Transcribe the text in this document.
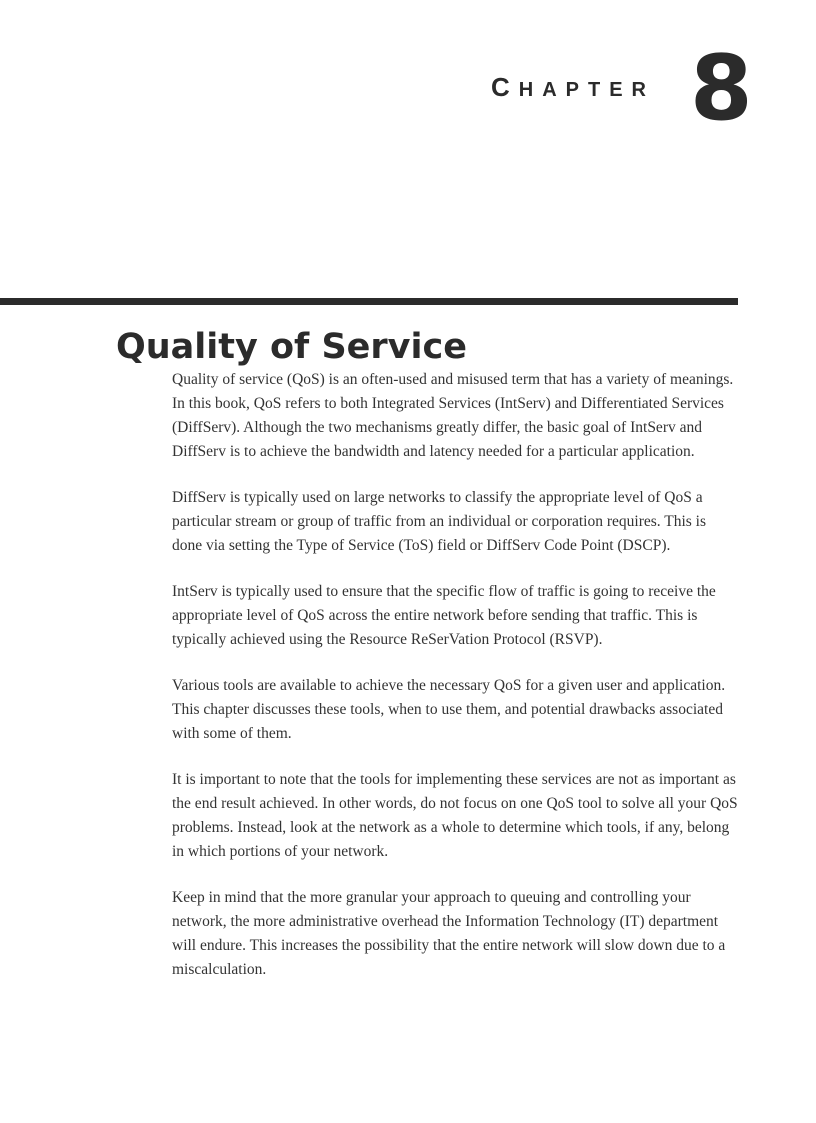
CHAPTER 8
Quality of Service

Quality of service (QoS) is an often-used and misused term that has a variety of meanings. In this book, QoS refers to both Integrated Services (IntServ) and Differentiated Services (DiffServ). Although the two mechanisms greatly differ, the basic goal of IntServ and DiffServ is to achieve the bandwidth and latency needed for a particular application.

DiffServ is typically used on large networks to classify the appropriate level of QoS a particular stream or group of traffic from an individual or corporation requires. This is done via setting the Type of Service (ToS) field or DiffServ Code Point (DSCP).

IntServ is typically used to ensure that the specific flow of traffic is going to receive the appropriate level of QoS across the entire network before sending that traffic. This is typically achieved using the Resource ReSerVation Protocol (RSVP).

Various tools are available to achieve the necessary QoS for a given user and application. This chapter discusses these tools, when to use them, and potential drawbacks associated with some of them.

It is important to note that the tools for implementing these services are not as important as the end result achieved. In other words, do not focus on one QoS tool to solve all your QoS problems. Instead, look at the network as a whole to determine which tools, if any, belong in which portions of your network.

Keep in mind that the more granular your approach to queuing and controlling your network, the more administrative overhead the Information Technology (IT) department will endure. This increases the possibility that the entire network will slow down due to a miscalculation.
